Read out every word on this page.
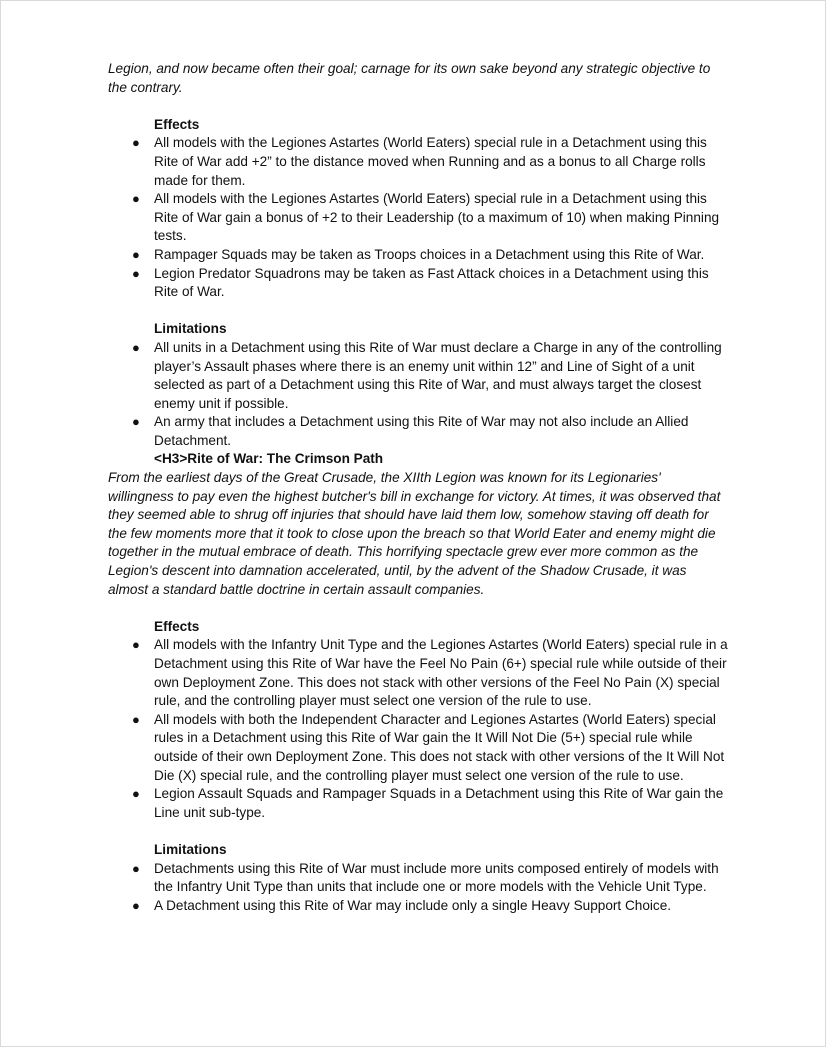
Legion, and now became often their goal; carnage for its own sake beyond any strategic objective to the contrary.

Effects

● All models with the Legiones Astartes (World Eaters) special rule in a Detachment using this Rite of War add +2” to the distance moved when Running and as a bonus to all Charge rolls made for them.
● All models with the Legiones Astartes (World Eaters) special rule in a Detachment using this Rite of War gain a bonus of +2 to their Leadership (to a maximum of 10) when making Pinning tests.
● Rampager Squads may be taken as Troops choices in a Detachment using this Rite of War.
● Legion Predator Squadrons may be taken as Fast Attack choices in a Detachment using this Rite of War.

Limitations

● All units in a Detachment using this Rite of War must declare a Charge in any of the controlling player’s Assault phases where there is an enemy unit within 12” and Line of Sight of a unit selected as part of a Detachment using this Rite of War, and must always target the closest enemy unit if possible.
● An army that includes a Detachment using this Rite of War may not also include an Allied Detachment.

<H3>Rite of War: The Crimson Path

From the earliest days of the Great Crusade, the XIIth Legion was known for its Legionaries' willingness to pay even the highest butcher's bill in exchange for victory. At times, it was observed that they seemed able to shrug off injuries that should have laid them low, somehow staving off death for the few moments more that it took to close upon the breach so that World Eater and enemy might die together in the mutual embrace of death. This horrifying spectacle grew ever more common as the Legion's descent into damnation accelerated, until, by the advent of the Shadow Crusade, it was almost a standard battle doctrine in certain assault companies.

Effects

● All models with the Infantry Unit Type and the Legiones Astartes (World Eaters) special rule in a Detachment using this Rite of War have the Feel No Pain (6+) special rule while outside of their own Deployment Zone. This does not stack with other versions of the Feel No Pain (X) special rule, and the controlling player must select one version of the rule to use.
● All models with both the Independent Character and Legiones Astartes (World Eaters) special rules in a Detachment using this Rite of War gain the It Will Not Die (5+) special rule while outside of their own Deployment Zone. This does not stack with other versions of the It Will Not Die (X) special rule, and the controlling player must select one version of the rule to use.
● Legion Assault Squads and Rampager Squads in a Detachment using this Rite of War gain the Line unit sub-type.

Limitations

● Detachments using this Rite of War must include more units composed entirely of models with the Infantry Unit Type than units that include one or more models with the Vehicle Unit Type.
● A Detachment using this Rite of War may include only a single Heavy Support Choice.
